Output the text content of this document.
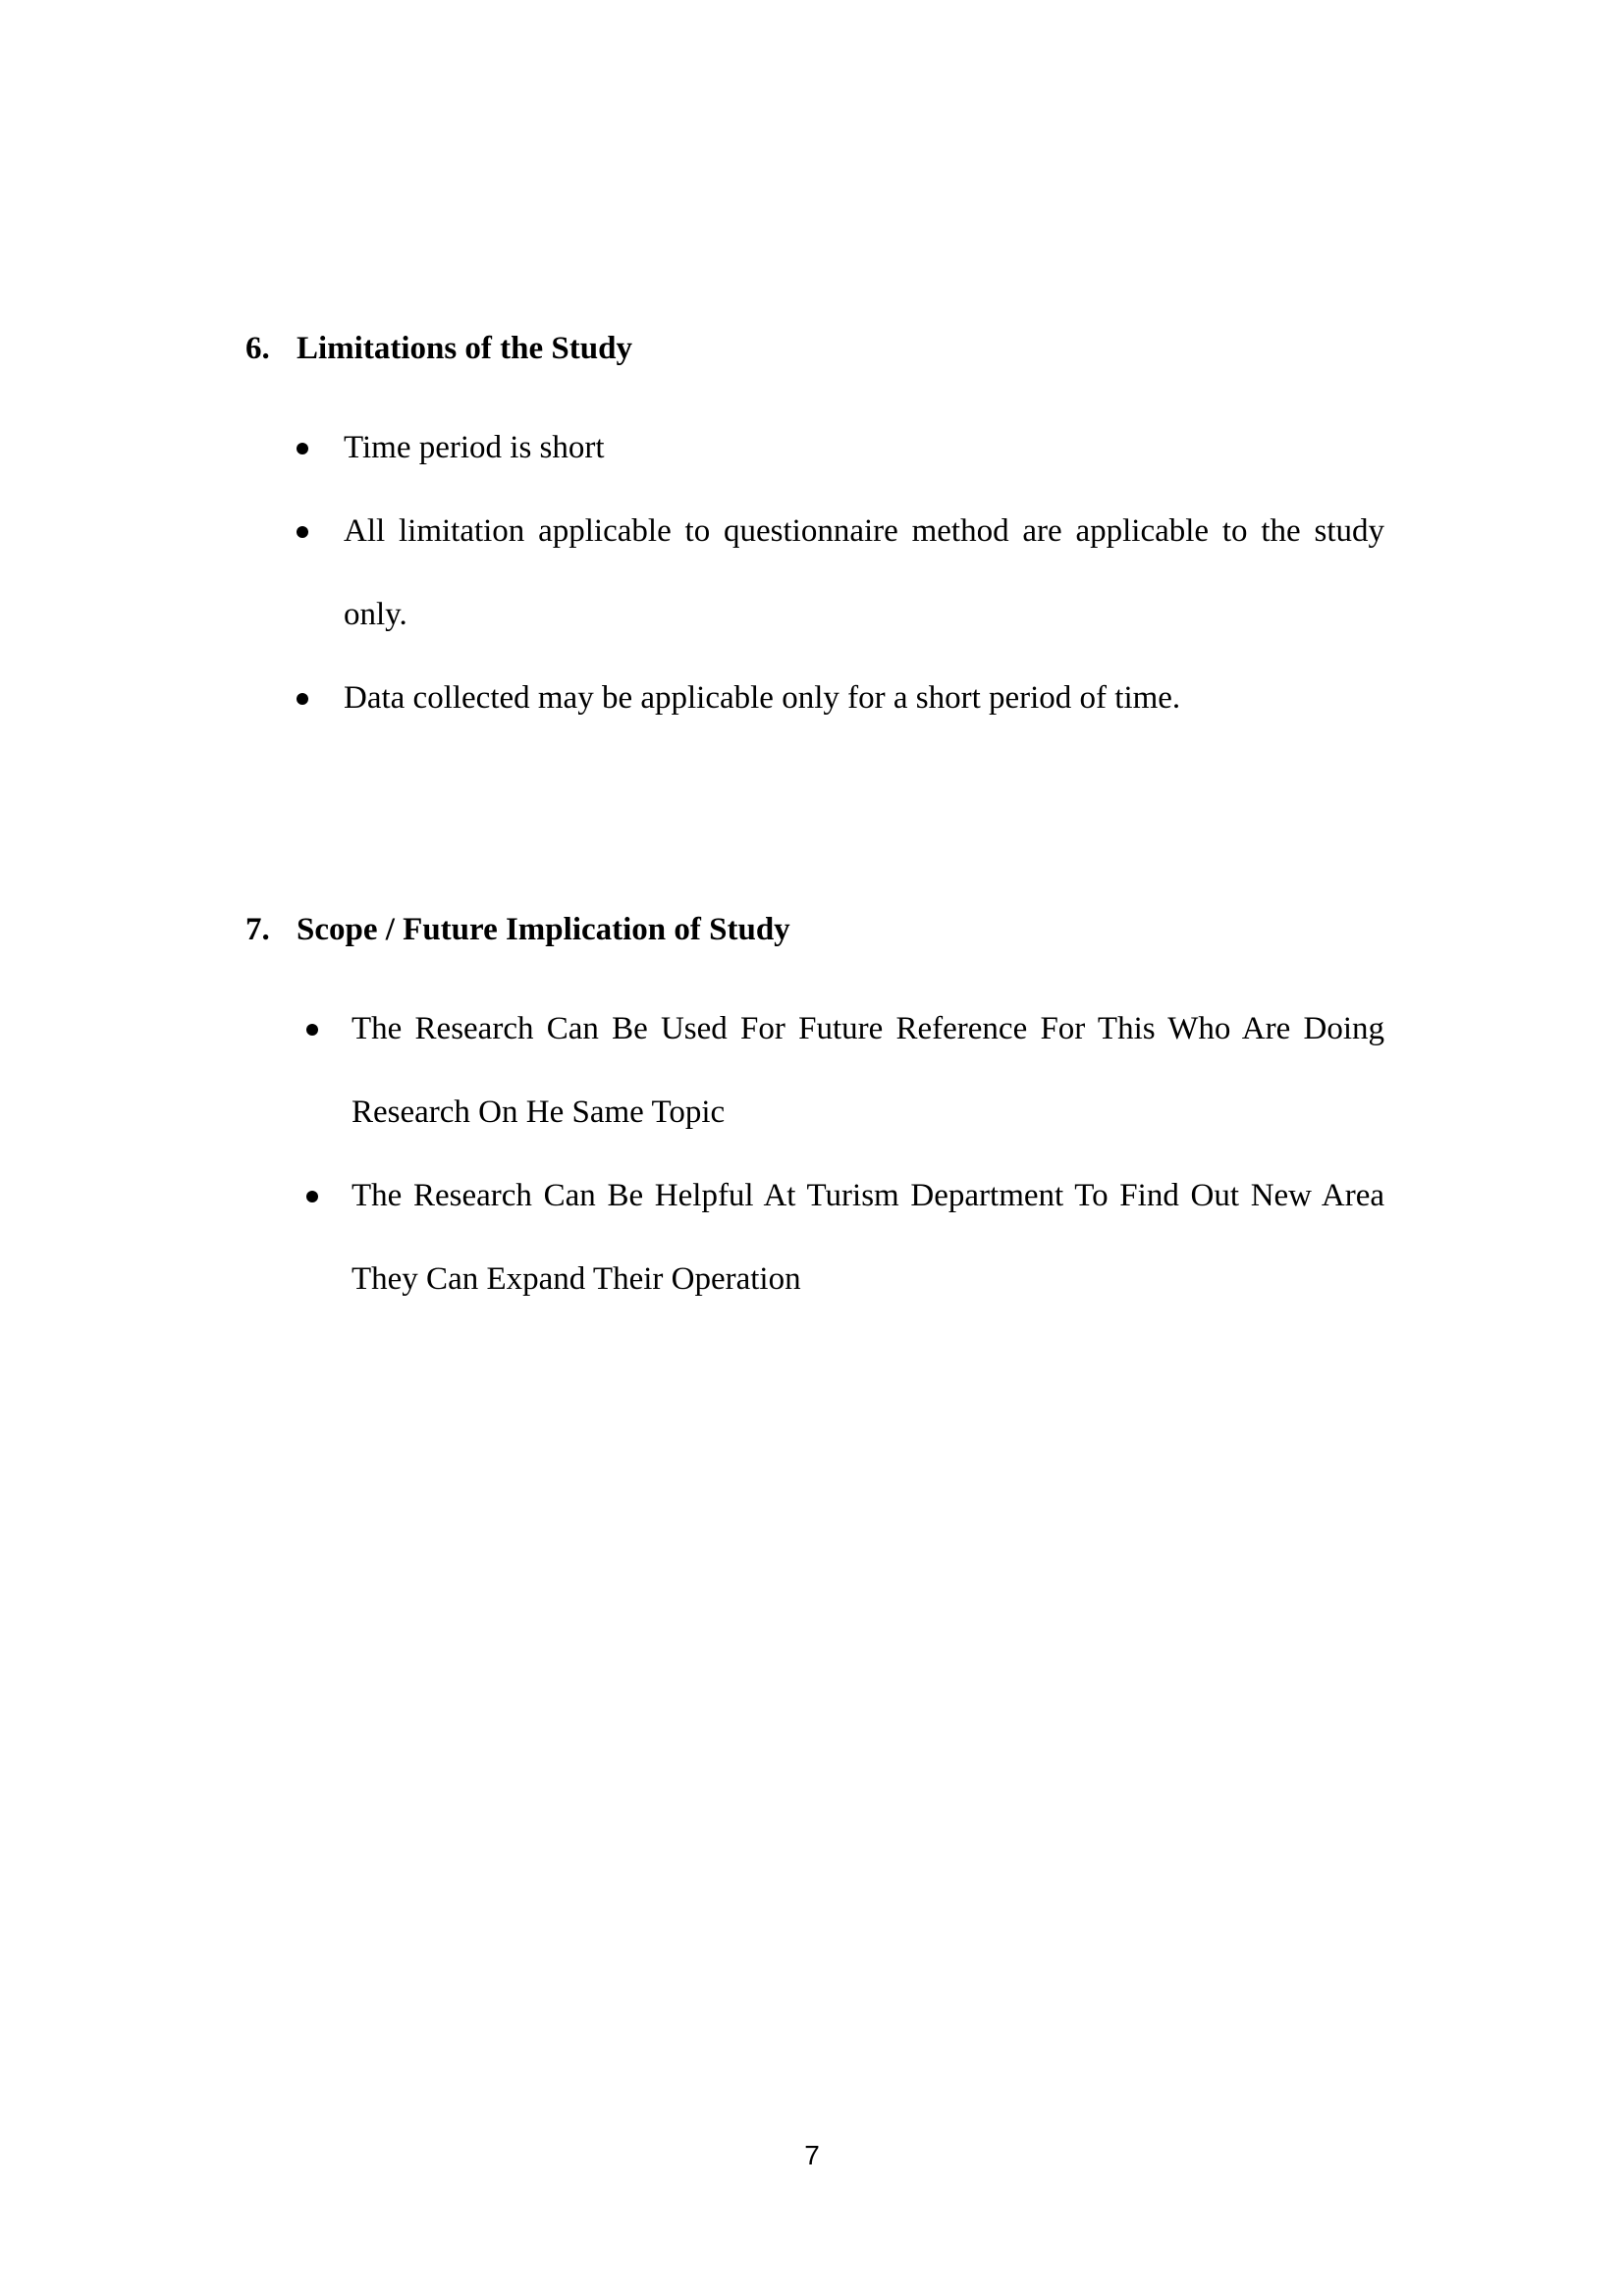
6. Limitations of the Study
Time period is short
All limitation applicable to questionnaire method are applicable to the study only.
Data collected may be applicable only for a short period of time.
7. Scope / Future Implication of Study
The Research Can Be Used For Future Reference For This Who Are Doing Research On He Same Topic
The Research Can Be Helpful At Turism Department To Find Out New Area They Can Expand Their Operation
7
